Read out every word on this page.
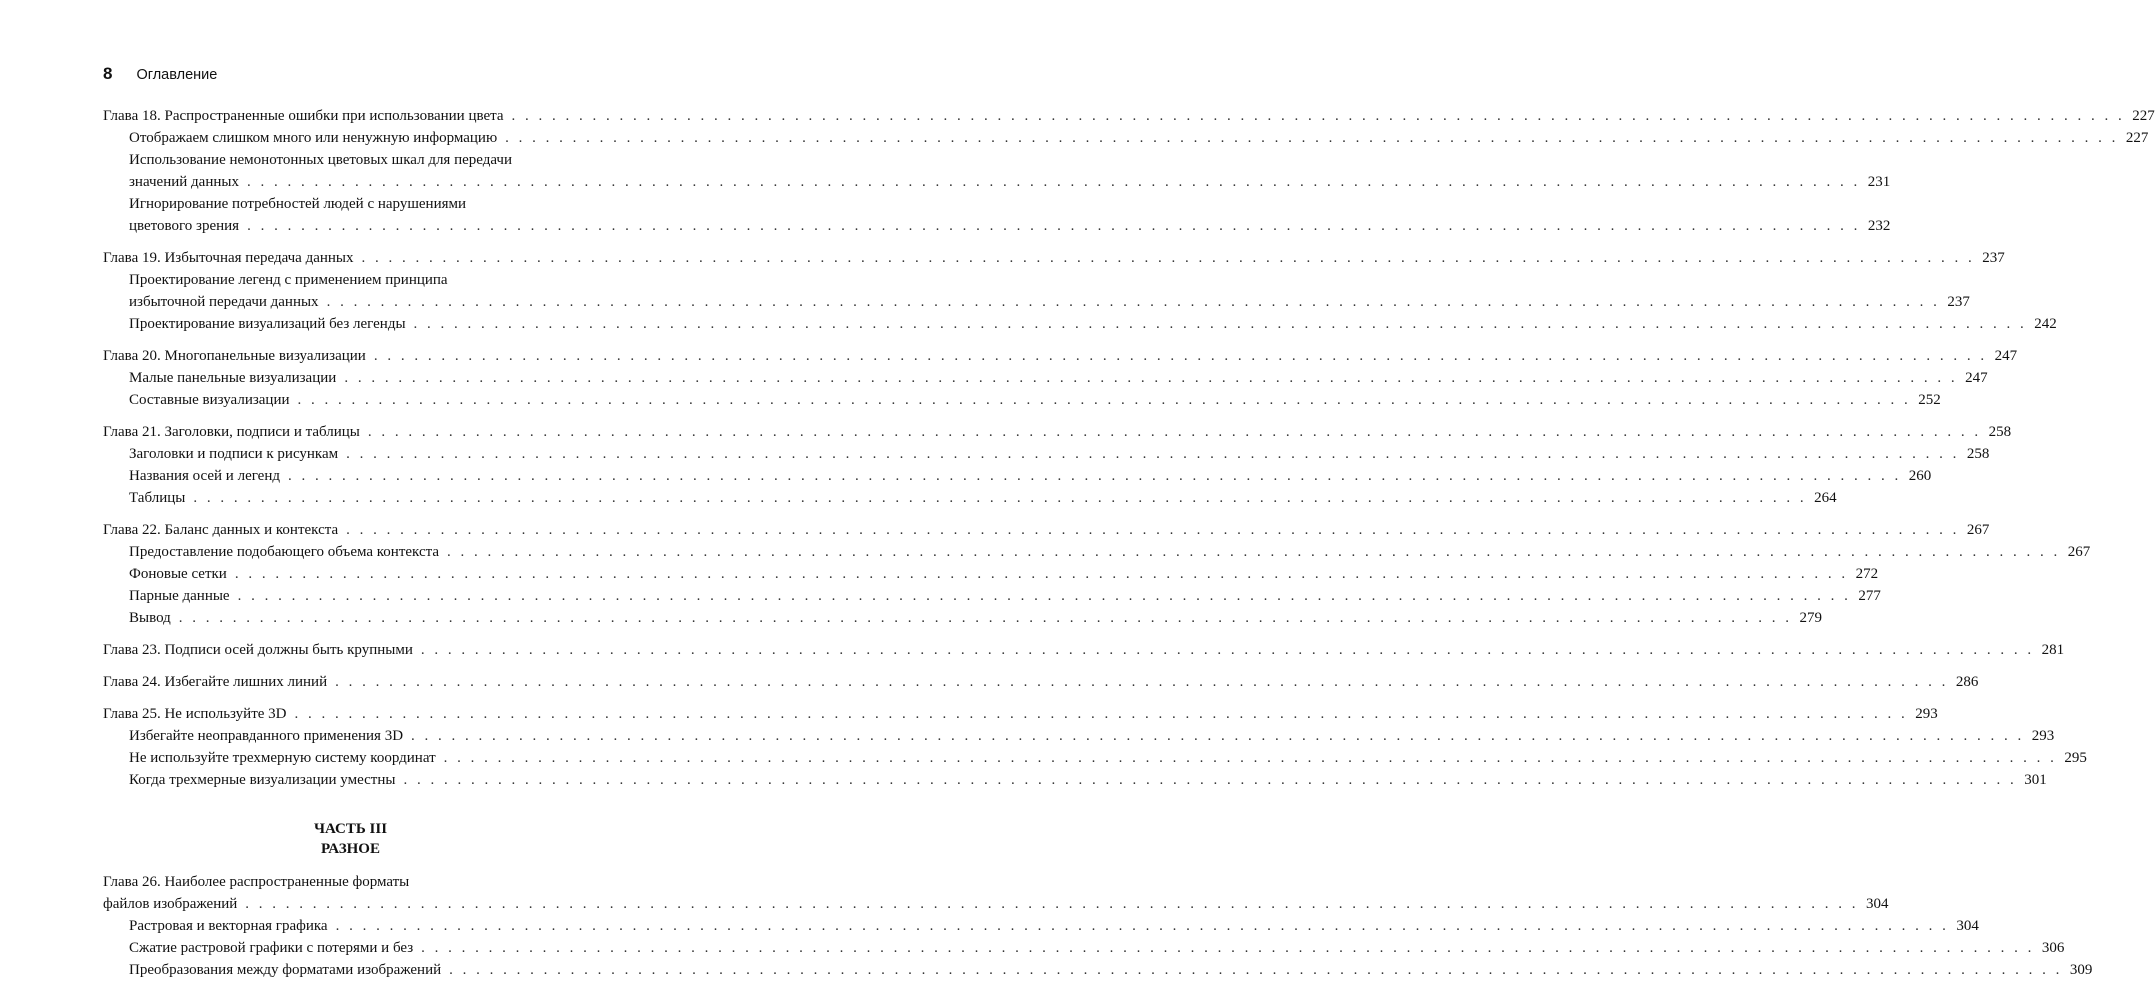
8 Оглавление
Глава 18. Распространенные ошибки при использовании цвета . . . . . . . . . . . . . . . . . . . . . . . . . . . . . . . . . . . . . . . . . . . . . . . . . . . . . . . . . . . . . . . . . . . . . . . . . . . . . . . . . . . . . . . . . . . . . . . . . . . . . . . . . . . . . . . . . . . . . . . . 227
Отображаем слишком много или ненужную информацию . . . . . . . . . . . . . . . . . . . . . . . . . . . . . . . . . . . . . . . . . . . . . . . . . . . . . . . . . . . . . . . . . . . . . . . . . . . . . . . . . . . . . . . . . . . . . . . . . . . . . . . . . . . . . . . . . . . . . . . . 227
Использование немонотонных цветовых шкал для передачи
значений данных . . . . . . . . . . . . . . . . . . . . . . . . . . . . . . . . . . . . . . . . . . . . . . . . . . . . . . . . . . . . . . . . . . . . . . . . . . . . . . . . . . . . . . . . . . . . . . . . . . . . . . . . . . . . . . . . . . . . . . . . 231
Игнорирование потребностей людей с нарушениями
цветового зрения . . . . . . . . . . . . . . . . . . . . . . . . . . . . . . . . . . . . . . . . . . . . . . . . . . . . . . . . . . . . . . . . . . . . . . . . . . . . . . . . . . . . . . . . . . . . . . . . . . . . . . . . . . . . . . . . . . . . . . . . 232
Глава 19. Избыточная передача данных . . . . . . . . . . . . . . . . . . . . . . . . . . . . . . . . . . . . . . . . . . . . . . . . . . . . . . . . . . . . . . . . . . . . . . . . . . . . . . . . . . . . . . . . . . . . . . . . . . . . . . . . . . . . . . . . . . . . . . . . 237
Проектирование легенд с применением принципа
избыточной передачи данных . . . . . . . . . . . . . . . . . . . . . . . . . . . . . . . . . . . . . . . . . . . . . . . . . . . . . . . . . . . . . . . . . . . . . . . . . . . . . . . . . . . . . . . . . . . . . . . . . . . . . . . . . . . . . . . . . . . . . . . . 237
Проектирование визуализаций без легенды . . . . . . . . . . . . . . . . . . . . . . . . . . . . . . . . . . . . . . . . . . . . . . . . . . . . . . . . . . . . . . . . . . . . . . . . . . . . . . . . . . . . . . . . . . . . . . . . . . . . . . . . . . . . . . . . . . . . . . . . 242
Глава 20. Многопанельные визуализации . . . . . . . . . . . . . . . . . . . . . . . . . . . . . . . . . . . . . . . . . . . . . . . . . . . . . . . . . . . . . . . . . . . . . . . . . . . . . . . . . . . . . . . . . . . . . . . . . . . . . . . . . . . . . . . . . . . . . . . . 247
Малые панельные визуализации . . . . . . . . . . . . . . . . . . . . . . . . . . . . . . . . . . . . . . . . . . . . . . . . . . . . . . . . . . . . . . . . . . . . . . . . . . . . . . . . . . . . . . . . . . . . . . . . . . . . . . . . . . . . . . . . . . . . . . . . 247
Составные визуализации . . . . . . . . . . . . . . . . . . . . . . . . . . . . . . . . . . . . . . . . . . . . . . . . . . . . . . . . . . . . . . . . . . . . . . . . . . . . . . . . . . . . . . . . . . . . . . . . . . . . . . . . . . . . . . . . . . . . . . . . 252
Глава 21. Заголовки, подписи и таблицы . . . . . . . . . . . . . . . . . . . . . . . . . . . . . . . . . . . . . . . . . . . . . . . . . . . . . . . . . . . . . . . . . . . . . . . . . . . . . . . . . . . . . . . . . . . . . . . . . . . . . . . . . . . . . . . . . . . . . . . . 258
Заголовки и подписи к рисункам . . . . . . . . . . . . . . . . . . . . . . . . . . . . . . . . . . . . . . . . . . . . . . . . . . . . . . . . . . . . . . . . . . . . . . . . . . . . . . . . . . . . . . . . . . . . . . . . . . . . . . . . . . . . . . . . . . . . . . . . 258
Названия осей и легенд . . . . . . . . . . . . . . . . . . . . . . . . . . . . . . . . . . . . . . . . . . . . . . . . . . . . . . . . . . . . . . . . . . . . . . . . . . . . . . . . . . . . . . . . . . . . . . . . . . . . . . . . . . . . . . . . . . . . . . . . 260
Таблицы . . . . . . . . . . . . . . . . . . . . . . . . . . . . . . . . . . . . . . . . . . . . . . . . . . . . . . . . . . . . . . . . . . . . . . . . . . . . . . . . . . . . . . . . . . . . . . . . . . . . . . . . . . . . . . . . . . . . . . . . 264
Глава 22. Баланс данных и контекста . . . . . . . . . . . . . . . . . . . . . . . . . . . . . . . . . . . . . . . . . . . . . . . . . . . . . . . . . . . . . . . . . . . . . . . . . . . . . . . . . . . . . . . . . . . . . . . . . . . . . . . . . . . . . . . . . . . . . . . . 267
Предоставление подобающего объема контекста . . . . . . . . . . . . . . . . . . . . . . . . . . . . . . . . . . . . . . . . . . . . . . . . . . . . . . . . . . . . . . . . . . . . . . . . . . . . . . . . . . . . . . . . . . . . . . . . . . . . . . . . . . . . . . . . . . . . . . . . 267
Фоновые сетки . . . . . . . . . . . . . . . . . . . . . . . . . . . . . . . . . . . . . . . . . . . . . . . . . . . . . . . . . . . . . . . . . . . . . . . . . . . . . . . . . . . . . . . . . . . . . . . . . . . . . . . . . . . . . . . . . . . . . . . . 272
Парные данные . . . . . . . . . . . . . . . . . . . . . . . . . . . . . . . . . . . . . . . . . . . . . . . . . . . . . . . . . . . . . . . . . . . . . . . . . . . . . . . . . . . . . . . . . . . . . . . . . . . . . . . . . . . . . . . . . . . . . . . . 277
Вывод . . . . . . . . . . . . . . . . . . . . . . . . . . . . . . . . . . . . . . . . . . . . . . . . . . . . . . . . . . . . . . . . . . . . . . . . . . . . . . . . . . . . . . . . . . . . . . . . . . . . . . . . . . . . . . . . . . . . . . . . 279
Глава 23. Подписи осей должны быть крупными . . . . . . . . . . . . . . . . . . . . . . . . . . . . . . . . . . . . . . . . . . . . . . . . . . . . . . . . . . . . . . . . . . . . . . . . . . . . . . . . . . . . . . . . . . . . . . . . . . . . . . . . . . . . . . . . . . . . . . . . 281
Глава 24. Избегайте лишних линий . . . . . . . . . . . . . . . . . . . . . . . . . . . . . . . . . . . . . . . . . . . . . . . . . . . . . . . . . . . . . . . . . . . . . . . . . . . . . . . . . . . . . . . . . . . . . . . . . . . . . . . . . . . . . . . . . . . . . . . . 286
Глава 25. Не используйте 3D . . . . . . . . . . . . . . . . . . . . . . . . . . . . . . . . . . . . . . . . . . . . . . . . . . . . . . . . . . . . . . . . . . . . . . . . . . . . . . . . . . . . . . . . . . . . . . . . . . . . . . . . . . . . . . . . . . . . . . . . 293
Избегайте неоправданного применения 3D . . . . . . . . . . . . . . . . . . . . . . . . . . . . . . . . . . . . . . . . . . . . . . . . . . . . . . . . . . . . . . . . . . . . . . . . . . . . . . . . . . . . . . . . . . . . . . . . . . . . . . . . . . . . . . . . . . . . . . . . 293
Не используйте трехмерную систему координат . . . . . . . . . . . . . . . . . . . . . . . . . . . . . . . . . . . . . . . . . . . . . . . . . . . . . . . . . . . . . . . . . . . . . . . . . . . . . . . . . . . . . . . . . . . . . . . . . . . . . . . . . . . . . . . . . . . . . . . . 295
Когда трехмерные визуализации уместны . . . . . . . . . . . . . . . . . . . . . . . . . . . . . . . . . . . . . . . . . . . . . . . . . . . . . . . . . . . . . . . . . . . . . . . . . . . . . . . . . . . . . . . . . . . . . . . . . . . . . . . . . . . . . . . . . . . . . . . . 301
ЧАСТЬ III
РАЗНОЕ
Глава 26. Наиболее распространенные форматы
файлов изображений . . . . . . . . . . . . . . . . . . . . . . . . . . . . . . . . . . . . . . . . . . . . . . . . . . . . . . . . . . . . . . . . . . . . . . . . . . . . . . . . . . . . . . . . . . . . . . . . . . . . . . . . . . . . . . . . . . . . . . . . 304
Растровая и векторная графика . . . . . . . . . . . . . . . . . . . . . . . . . . . . . . . . . . . . . . . . . . . . . . . . . . . . . . . . . . . . . . . . . . . . . . . . . . . . . . . . . . . . . . . . . . . . . . . . . . . . . . . . . . . . . . . . . . . . . . . . 304
Сжатие растровой графики с потерями и без . . . . . . . . . . . . . . . . . . . . . . . . . . . . . . . . . . . . . . . . . . . . . . . . . . . . . . . . . . . . . . . . . . . . . . . . . . . . . . . . . . . . . . . . . . . . . . . . . . . . . . . . . . . . . . . . . . . . . . . . 306
Преобразования между форматами изображений . . . . . . . . . . . . . . . . . . . . . . . . . . . . . . . . . . . . . . . . . . . . . . . . . . . . . . . . . . . . . . . . . . . . . . . . . . . . . . . . . . . . . . . . . . . . . . . . . . . . . . . . . . . . . . . . . . . . . . . . 309
